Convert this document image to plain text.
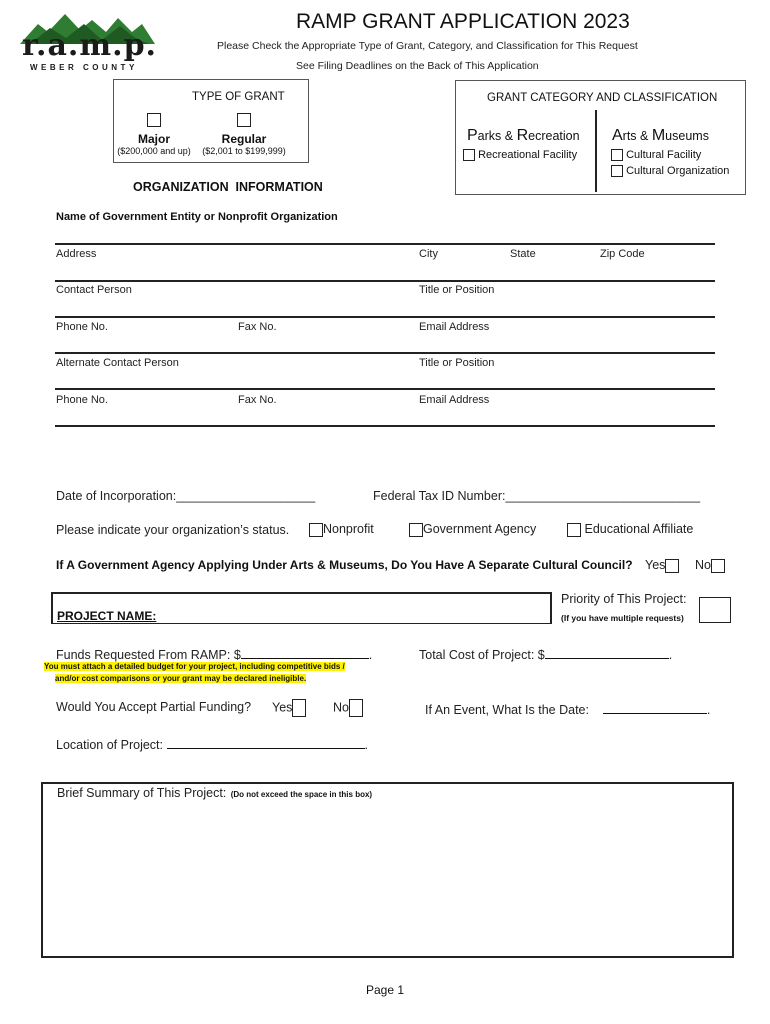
r.a.m.p.
WEBER COUNTY
RAMP GRANT APPLICATION 2023
Please Check the Appropriate Type of Grant, Category, and Classification for This Request
See Filing Deadlines on the Back of This Application
TYPE OF GRANT
Major
($200,000 and up)
Regular
($2,001 to $199,999)
GRANT CATEGORY AND CLASSIFICATION
Parks & Recreation
Recreational Facility
Arts & Museums
Cultural Facility
Cultural Organization
ORGANIZATION  INFORMATION
Name of Government Entity or Nonprofit Organization
Address	City	State	Zip Code
Contact Person	Title or Position
Phone No.	Fax No.	Email Address
Alternate Contact Person	Title or Position
Phone No.	Fax No.	Email Address
Date of Incorporation:____________________	Federal Tax ID Number:____________________________
Please indicate your organization’s status.	Nonprofit	Government Agency	Educational Affiliate
If A Government Agency Applying Under Arts & Museums, Do You Have A Separate Cultural Council? Yes	No
PROJECT NAME:
Priority of This Project:
(If you have multiple requests)
Funds Requested From RAMP: $	.	Total Cost of Project: $	.
You must attach a detailed budget for your project, including competitive bids /
and/or cost comparisons or your grant may be declared ineligible.
Would You Accept Partial Funding? Yes	No	If An Event, What Is the Date:	.
Location of Project:	.
Brief Summary of This Project: (Do not exceed the space in this box)
Page 1
